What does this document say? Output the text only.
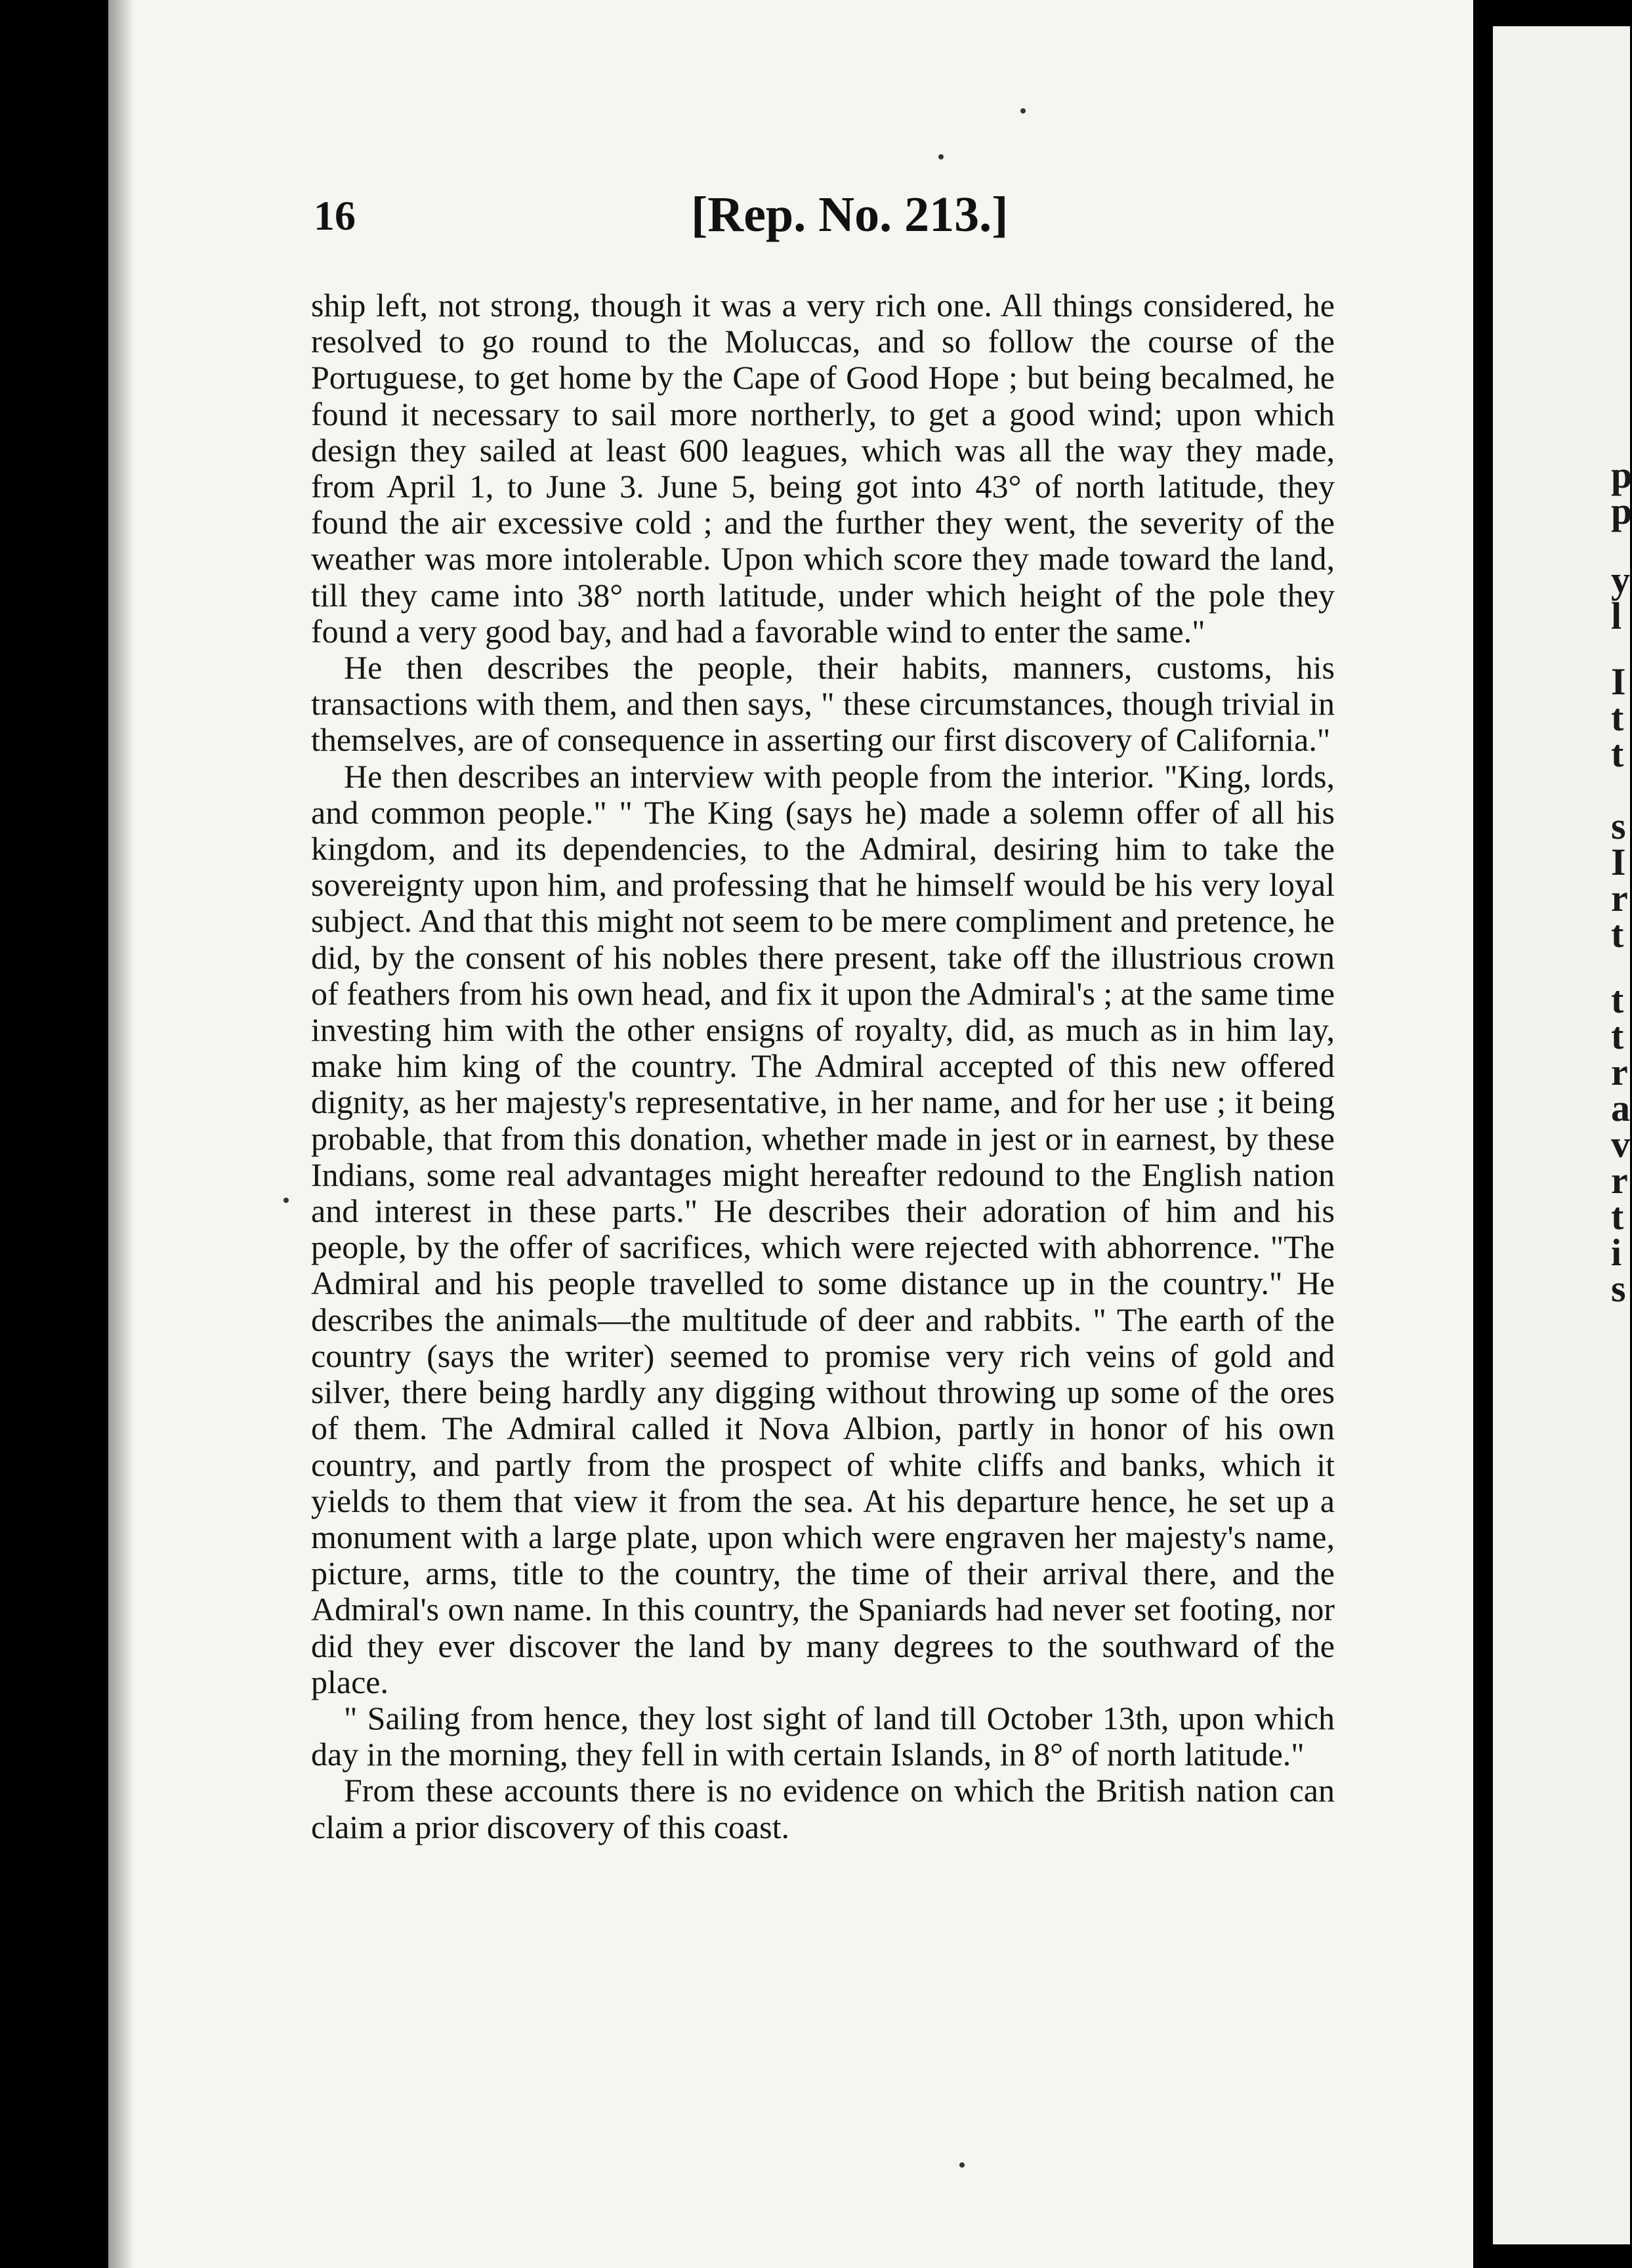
p
p
y
l
I
t
t
s
I
r
t
t
t
r
a
v
r
t
i
s
16	[Rep. No. 213.]

ship left, not strong, though it was a very rich one. All things considered, he resolved to go round to the Moluccas, and so follow the course of the Portuguese, to get home by the Cape of Good Hope ; but being becalmed, he found it necessary to sail more northerly, to get a good wind; upon which design they sailed at least 600 leagues, which was all the way they made, from April 1, to June 3. June 5, being got into 43° of north latitude, they found the air excessive cold ; and the further they went, the severity of the weather was more intolerable. Upon which score they made toward the land, till they came into 38° north latitude, under which height of the pole they found a very good bay, and had a favorable wind to enter the same."

He then describes the people, their habits, manners, customs, his transactions with them, and then says, " these circumstances, though trivial in themselves, are of consequence in asserting our first discovery of California."

He then describes an interview with people from the interior. "King, lords, and common people." " The King (says he) made a solemn offer of all his kingdom, and its dependencies, to the Admiral, desiring him to take the sovereignty upon him, and professing that he himself would be his very loyal subject. And that this might not seem to be mere compliment and pretence, he did, by the consent of his nobles there present, take off the illustrious crown of feathers from his own head, and fix it upon the Admiral's ; at the same time investing him with the other ensigns of royalty, did, as much as in him lay, make him king of the country. The Admiral accepted of this new offered dignity, as her majesty's representative, in her name, and for her use ; it being probable, that from this donation, whether made in jest or in earnest, by these Indians, some real advantages might hereafter redound to the English nation and interest in these parts." He describes their adoration of him and his people, by the offer of sacrifices, which were rejected with abhorrence. "The Admiral and his people travelled to some distance up in the country." He describes the animals—the multitude of deer and rabbits. " The earth of the country (says the writer) seemed to promise very rich veins of gold and silver, there being hardly any digging without throwing up some of the ores of them. The Admiral called it Nova Albion, partly in honor of his own country, and partly from the prospect of white cliffs and banks, which it yields to them that view it from the sea. At his departure hence, he set up a monument with a large plate, upon which were engraven her majesty's name, picture, arms, title to the country, the time of their arrival there, and the Admiral's own name. In this country, the Spaniards had never set footing, nor did they ever discover the land by many degrees to the southward of the place.

" Sailing from hence, they lost sight of land till October 13th, upon which day in the morning, they fell in with certain Islands, in 8° of north latitude."

From these accounts there is no evidence on which the British nation can claim a prior discovery of this coast.
